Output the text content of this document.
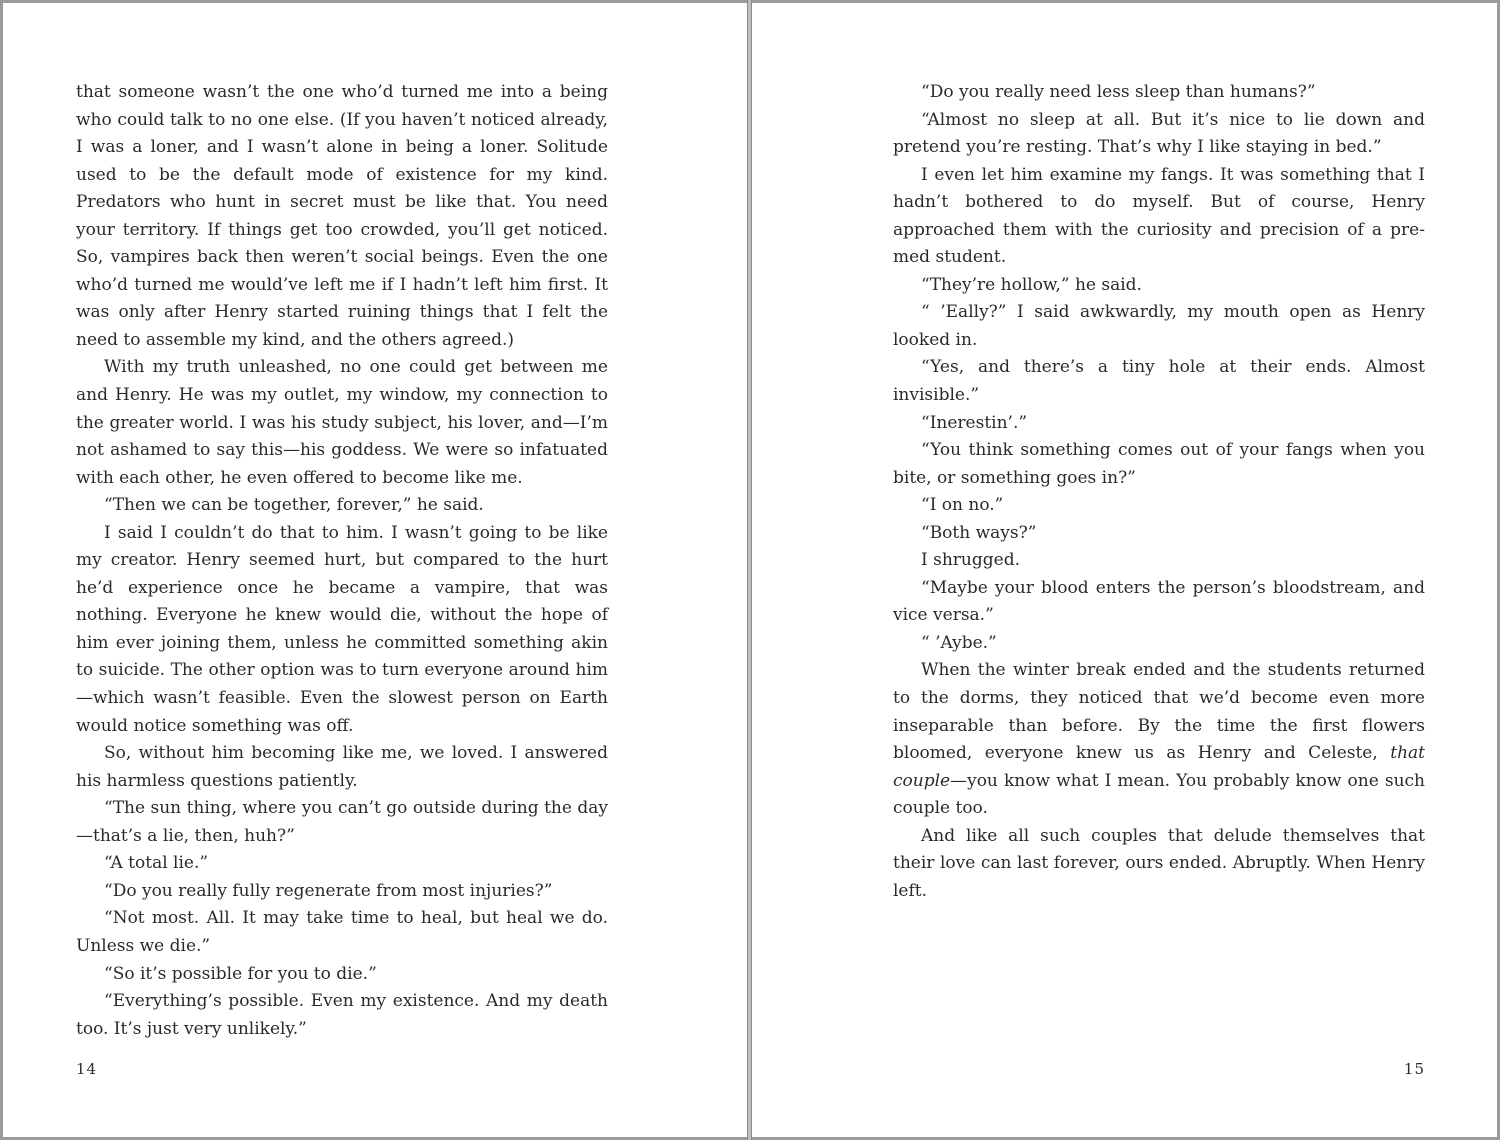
that someone wasn’t the one who’d turned me into a being who could talk to no one else. (If you haven’t noticed already, I was a loner, and I wasn’t alone in being a loner. Solitude used to be the default mode of existence for my kind. Predators who hunt in secret must be like that. You need your territory. If things get too crowded, you’ll get noticed. So, vampires back then weren’t social beings. Even the one who’d turned me would’ve left me if I hadn’t left him first. It was only after Henry started ruining things that I felt the need to assemble my kind, and the others agreed.)

With my truth unleashed, no one could get between me and Henry. He was my outlet, my window, my connection to the greater world. I was his study subject, his lover, and—I’m not ashamed to say this—his goddess. We were so infatuated with each other, he even offered to become like me.

“Then we can be together, forever,” he said.

I said I couldn’t do that to him. I wasn’t going to be like my creator. Henry seemed hurt, but compared to the hurt he’d experience once he became a vampire, that was nothing. Everyone he knew would die, without the hope of him ever joining them, unless he committed something akin to suicide. The other option was to turn everyone around him—which wasn’t feasible. Even the slowest person on Earth would notice something was off.

So, without him becoming like me, we loved. I answered his harmless questions patiently.

“The sun thing, where you can’t go outside during the day —that’s a lie, then, huh?”

“A total lie.”

“Do you really fully regenerate from most injuries?”

“Not most. All. It may take time to heal, but heal we do. Unless we die.”

“So it’s possible for you to die.”

“Everything’s possible. Even my existence. And my death too. It’s just very unlikely.”

14

“Do you really need less sleep than humans?”

“Almost no sleep at all. But it’s nice to lie down and pretend you’re resting. That’s why I like staying in bed.”

I even let him examine my fangs. It was something that I hadn’t bothered to do myself. But of course, Henry approached them with the curiosity and precision of a pre-med student.

“They’re hollow,” he said.

“ ’Eally?” I said awkwardly, my mouth open as Henry looked in.

“Yes, and there’s a tiny hole at their ends. Almost invisible.”

“Inerestin’.”

“You think something comes out of your fangs when you bite, or something goes in?”

“I on no.”

“Both ways?”

I shrugged.

“Maybe your blood enters the person’s bloodstream, and vice versa.”

“ ’Aybe.”

When the winter break ended and the students returned to the dorms, they noticed that we’d become even more inseparable than before. By the time the first flowers bloomed, everyone knew us as Henry and Celeste, that couple—you know what I mean. You probably know one such couple too.

And like all such couples that delude themselves that their love can last forever, ours ended. Abruptly. When Henry left.

15
